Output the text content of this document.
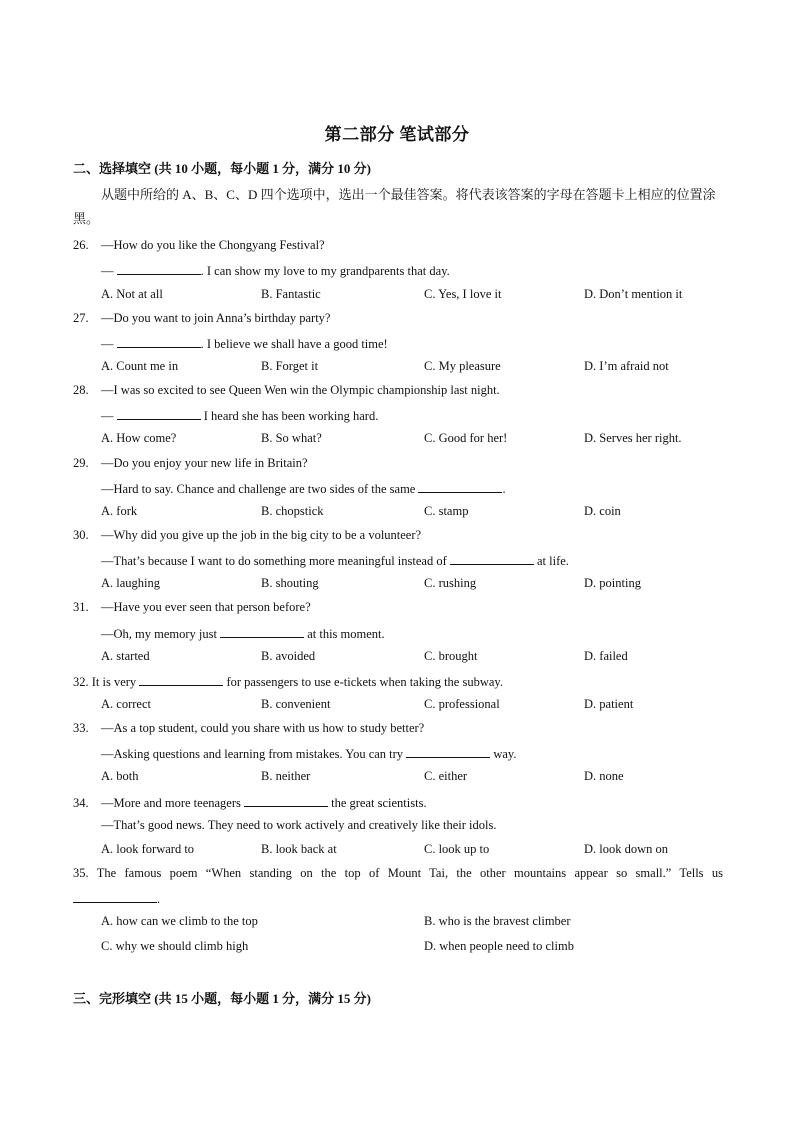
第二部分 笔试部分
二、选择填空 (共 10 小题，每小题 1 分，满分 10 分)
从题中所给的 A、B、C、D 四个选项中，选出一个最佳答案。将代表该答案的字母在答题卡上相应的位置涂黑。
26. —How do you like the Chongyang Festival?
—	. I can show my love to my grandparents that day.
A. Not at all	B. Fantastic	C. Yes, I love it	D. Don’t mention it
27. —Do you want to join Anna’s birthday party?
—	. I believe we shall have a good time!
A. Count me in	B. Forget it	C. My pleasure	D. I’m afraid not
28. —I was so excited to see Queen Wen win the Olympic championship last night.
—	I heard she has been working hard.
A. How come?	B. So what?	C. Good for her!	D. Serves her right.
29. —Do you enjoy your new life in Britain?
—Hard to say. Chance and challenge are two sides of the same	.
A. fork	B. chopstick	C. stamp	D. coin
30. —Why did you give up the job in the big city to be a volunteer?
—That’s because I want to do something more meaningful instead of	at life.
A. laughing	B. shouting	C. rushing	D. pointing
31. —Have you ever seen that person before?
—Oh, my memory just	at this moment.
A. started	B. avoided	C. brought	D. failed
32. It is very	for passengers to use e-tickets when taking the subway.
A. correct	B. convenient	C. professional	D. patient
33. —As a top student, could you share with us how to study better?
—Asking questions and learning from mistakes. You can try	way.
A. both	B. neither	C. either	D. none
34. —More and more teenagers	the great scientists.
—That’s good news. They need to work actively and creatively like their idols.
A. look forward to	B. look back at	C. look up to	D. look down on
35. The famous poem “When standing on the top of Mount Tai, the other mountains appear so small.” Tells us
.
A. how can we climb to the top	B. who is the bravest climber
C. why we should climb high	D. when people need to climb
三、完形填空 (共 15 小题，每小题 1 分，满分 15 分)
